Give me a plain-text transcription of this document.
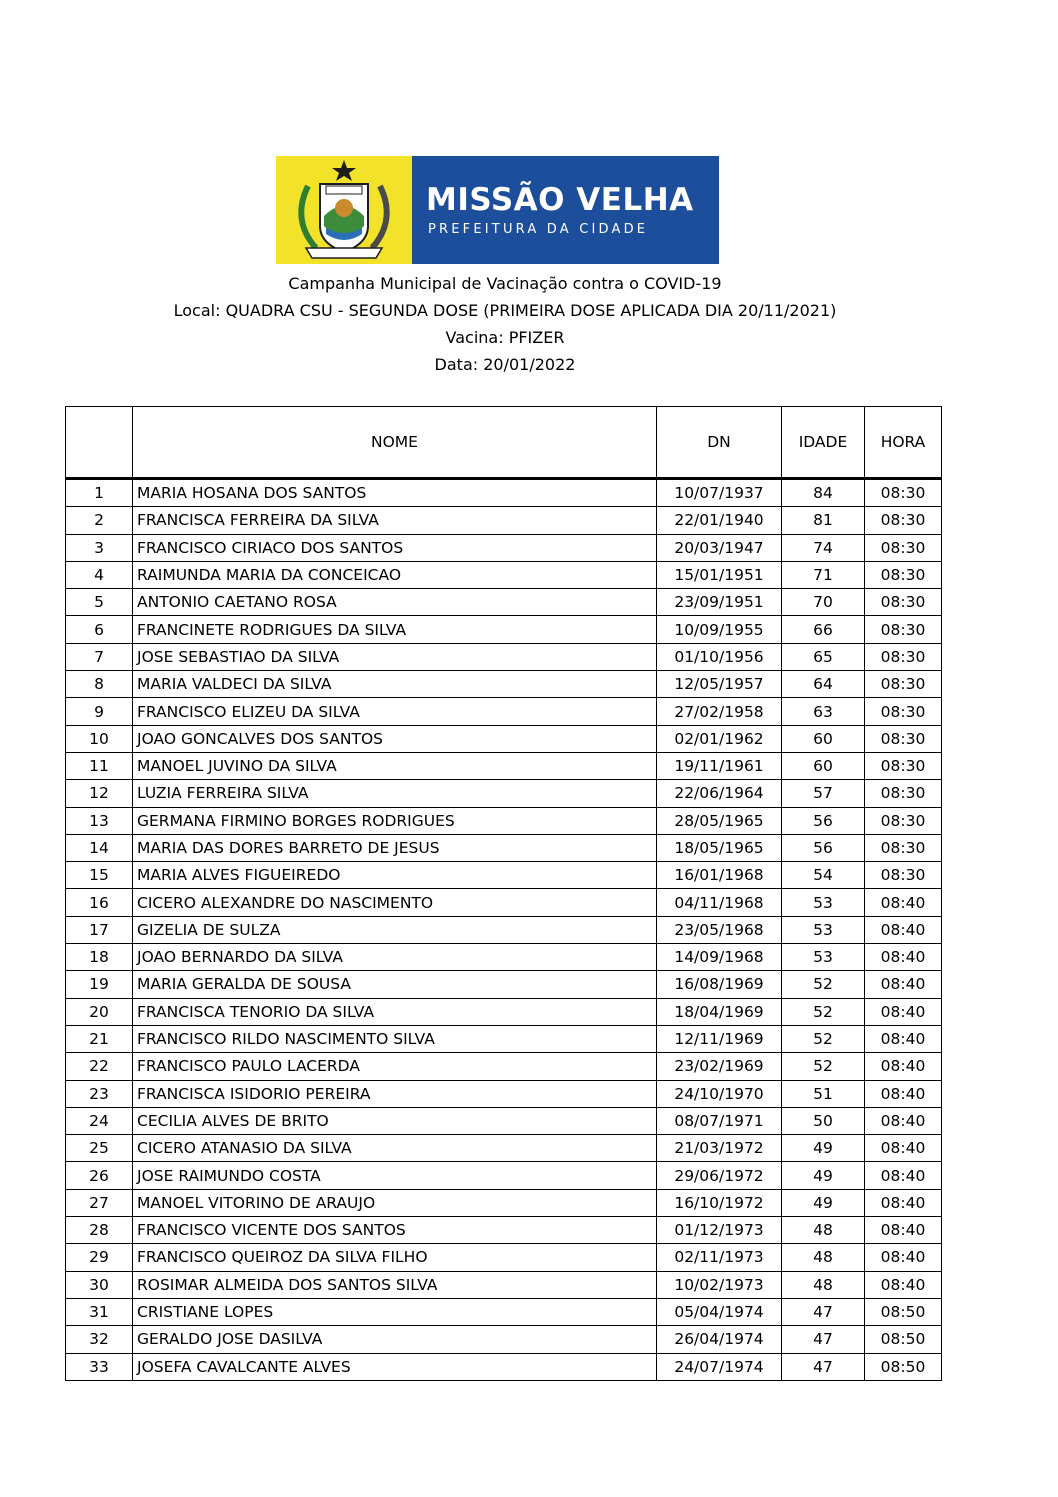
MISSÃO VELHA
PREFEITURA DA CIDADE
Campanha Municipal de Vacinação contra o COVID-19
Local: QUADRA CSU - SEGUNDA DOSE (PRIMEIRA DOSE APLICADA DIA 20/11/2021)
Vacina: PFIZER
Data: 20/01/2022
	NOME	DN	IDADE	HORA
1	MARIA HOSANA DOS SANTOS	10/07/1937	84	08:30
2	FRANCISCA FERREIRA DA SILVA	22/01/1940	81	08:30
3	FRANCISCO CIRIACO DOS SANTOS	20/03/1947	74	08:30
4	RAIMUNDA MARIA DA CONCEICAO	15/01/1951	71	08:30
5	ANTONIO CAETANO ROSA	23/09/1951	70	08:30
6	FRANCINETE RODRIGUES DA SILVA	10/09/1955	66	08:30
7	JOSE SEBASTIAO DA SILVA	01/10/1956	65	08:30
8	MARIA VALDECI DA SILVA	12/05/1957	64	08:30
9	FRANCISCO ELIZEU DA SILVA	27/02/1958	63	08:30
10	JOAO GONCALVES DOS SANTOS	02/01/1962	60	08:30
11	MANOEL JUVINO DA SILVA	19/11/1961	60	08:30
12	LUZIA FERREIRA SILVA	22/06/1964	57	08:30
13	GERMANA FIRMINO BORGES RODRIGUES	28/05/1965	56	08:30
14	MARIA DAS DORES BARRETO DE JESUS	18/05/1965	56	08:30
15	MARIA ALVES FIGUEIREDO	16/01/1968	54	08:30
16	CICERO ALEXANDRE DO NASCIMENTO	04/11/1968	53	08:40
17	GIZELIA DE SULZA	23/05/1968	53	08:40
18	JOAO BERNARDO DA SILVA	14/09/1968	53	08:40
19	MARIA GERALDA DE SOUSA	16/08/1969	52	08:40
20	FRANCISCA TENORIO DA SILVA	18/04/1969	52	08:40
21	FRANCISCO RILDO NASCIMENTO SILVA	12/11/1969	52	08:40
22	FRANCISCO PAULO LACERDA	23/02/1969	52	08:40
23	FRANCISCA ISIDORIO PEREIRA	24/10/1970	51	08:40
24	CECILIA ALVES DE BRITO	08/07/1971	50	08:40
25	CICERO ATANASIO DA SILVA	21/03/1972	49	08:40
26	JOSE RAIMUNDO COSTA	29/06/1972	49	08:40
27	MANOEL VITORINO DE ARAUJO	16/10/1972	49	08:40
28	FRANCISCO VICENTE DOS SANTOS	01/12/1973	48	08:40
29	FRANCISCO QUEIROZ DA SILVA FILHO	02/11/1973	48	08:40
30	ROSIMAR ALMEIDA DOS SANTOS SILVA	10/02/1973	48	08:40
31	CRISTIANE LOPES	05/04/1974	47	08:50
32	GERALDO JOSE DASILVA	26/04/1974	47	08:50
33	JOSEFA CAVALCANTE ALVES	24/07/1974	47	08:50
